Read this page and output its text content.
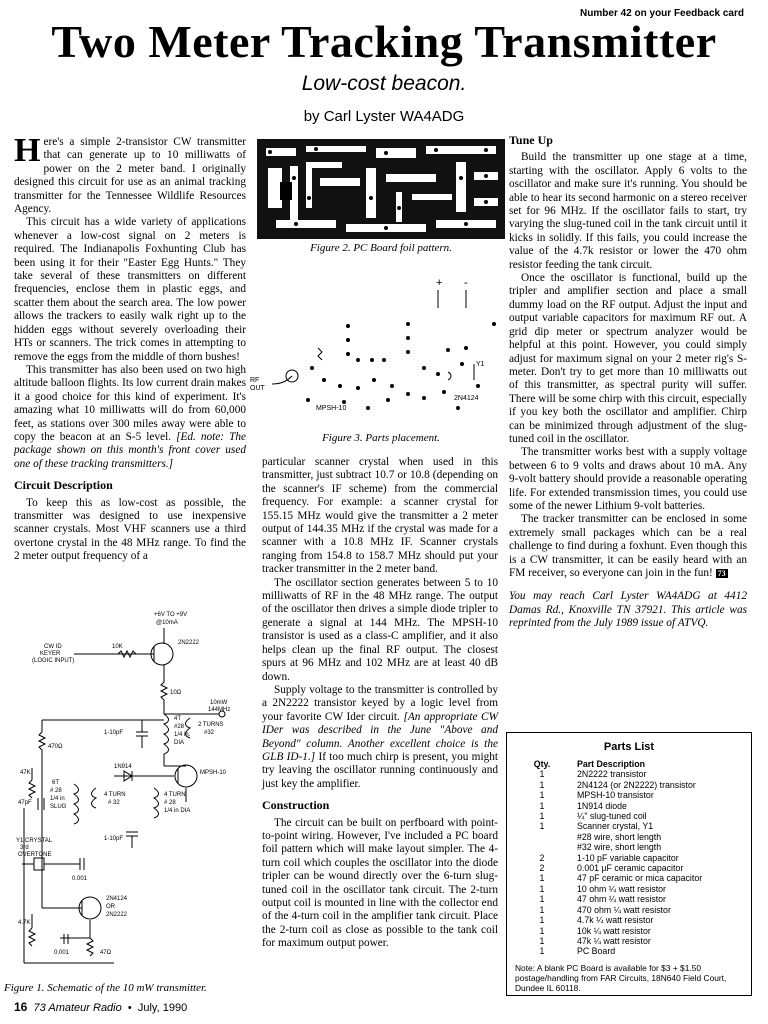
Number 42 on your Feedback card
Two Meter Tracking Transmitter
Low-cost beacon.
by Carl Lyster WA4ADG

Here's a simple 2-transistor CW transmitter that can generate up to 10 milliwatts of power on the 2 meter band. I originally designed this circuit for use as an animal tracking transmitter for the Tennessee Wildlife Resources Agency.

This circuit has a wide variety of applications whenever a low-cost signal on 2 meters is required. The Indianapolis Foxhunting Club has been using it for their "Easter Egg Hunts." They take several of these transmitters on different frequencies, enclose them in plastic eggs, and scatter them about the search area. The low power allows the trackers to easily walk right up to the hidden eggs without severely overloading their HTs or scanners. The trick comes in attempting to remove the eggs from the middle of thorn bushes!

This transmitter has also been used on two high altitude balloon flights. Its low current drain makes it a good choice for this kind of experiment. It's amazing what 10 milliwatts will do from 60,000 feet, as stations over 300 miles away were able to copy the beacon at an S-5 level. [Ed. note: The package shown on this month's front cover used one of these tracking transmitters.]

Circuit Description

To keep this as low-cost as possible, the transmitter was designed to use inexpensive scanner crystals. Most VHF scanners use a third overtone crystal in the 48 MHz range. To find the 2 meter output frequency of a

+6V TO +9V
@10mA
CW ID
KEYER
(LOGIC INPUT)
10K
2N2222
10Ω
10mW
144MHz
1-10pF
4T
#28
1/4 in.
DIA
2 TURNS
#32
470Ω
47K
1N914
MPSH-10
47pF
6T
# 28
1/4 in
SLUG
4 TURN
# 32
4 TURN
# 28
1/4 in DIA
1-10pF
Y1 CRYSTAL
3rd
OVERTONE
0.001
2N4124
OR
2N2222
4.7K
0.001	47Ω
Figure 1. Schematic of the 10 mW transmitter.
Figure 2. PC Board foil pattern.
+ -
RF
OUT
MPSH-10
2N4124
Y1
Figure 3. Parts placement.

particular scanner crystal when used in this transmitter, just subtract 10.7 or 10.8 (depending on the scanner's IF scheme) from the commercial frequency. For example: a scanner crystal for 155.15 MHz would give the transmitter a 2 meter output of 144.35 MHz if the crystal was made for a scanner with a 10.8 MHz IF. Scanner crystals ranging from 154.8 to 158.7 MHz should put your tracker transmitter in the 2 meter band.

The oscillator section generates between 5 to 10 milliwatts of RF in the 48 MHz range. The output of the oscillator then drives a simple diode tripler to generate a signal at 144 MHz. The MPSH-10 transistor is used as a class-C amplifier, and it also helps clean up the final RF output. The closest spurs at 96 MHz and 102 MHz are at least 40 dB down.

Supply voltage to the transmitter is controlled by a 2N2222 transistor keyed by a logic level from your favorite CW Ider circuit. [An appropriate CW IDer was described in the June "Above and Beyond" column. Another excellent choice is the GLB ID-1.] If too much chirp is present, you might try leaving the oscillator running continuously and just key the amplifier.

Construction

The circuit can be built on perfboard with point-to-point wiring. However, I've included a PC board foil pattern which will make layout simpler. The 4-turn coil which couples the oscillator into the diode tripler can be wound directly over the 6-turn slug-tuned coil in the oscillator tank circuit. The 2-turn output coil is mounted in line with the collector end of the 4-turn coil in the amplifier tank circuit. Place the 2-turn coil as close as possible to the tank coil for maximum output power.

Tune Up

Build the transmitter up one stage at a time, starting with the oscillator. Apply 6 volts to the oscillator and make sure it's running. You should be able to hear its second harmonic on a stereo receiver set for 96 MHz. If the oscillator fails to start, try varying the slug-tuned coil in the tank circuit until it kicks in solidly. If this fails, you could increase the value of the 4.7k resistor or lower the 470 ohm resistor feeding the tank circuit.

Once the oscillator is functional, build up the tripler and amplifier section and place a small dummy load on the RF output. Adjust the input and output variable capacitors for maximum RF out. A grid dip meter or spectrum analyzer would be helpful at this point. However, you could simply adjust for maximum signal on your 2 meter rig's S-meter. Don't try to get more than 10 milliwatts out of this transmitter, as spectral purity will suffer. There will be some chirp with this circuit, especially if you key both the oscillator and amplifier. Chirp can be minimized through adjustment of the slug-tuned coil in the oscillator.

The transmitter works best with a supply voltage between 6 to 9 volts and draws about 10 mA. Any 9-volt battery should provide a reasonable operating life. For extended transmission times, you could use some of the newer Lithium 9-volt batteries.

The tracker transmitter can be enclosed in some extremely small packages which can be a real challenge to find during a foxhunt. Even though this is a CW transmitter, it can be easily heard with an FM receiver, so everyone can join in the fun! 73

You may reach Carl Lyster WA4ADG at 4412 Damas Rd., Knoxville TN 37921. This article was reprinted from the July 1989 issue of ATVQ.

Parts List
Qty.	Part Description
1	2N2222 transistor
1	2N4124 (or 2N2222) transistor
1	MPSH-10 transistor
1	1N914 diode
1	¼" slug-tuned coil
1	Scanner crystal, Y1
#28 wire, short length
#32 wire, short length
2	1-10 pF variable capacitor
2	0.001 µF ceramic capacitor
1	47 pF ceramic or mica capacitor
1	10 ohm ¼ watt resistor
1	47 ohm ¼ watt resistor
1	470 ohm ¼ watt resistor
1	4.7k ¼ watt resistor
1	10k ¼ watt resistor
1	47k ¼ watt resistor
1	PC Board
Note: A blank PC Board is available for $3 + $1.50 postage/handling from FAR Circuits, 18N640 Field Court, Dundee IL 60118.
16 73 Amateur Radio • July, 1990
